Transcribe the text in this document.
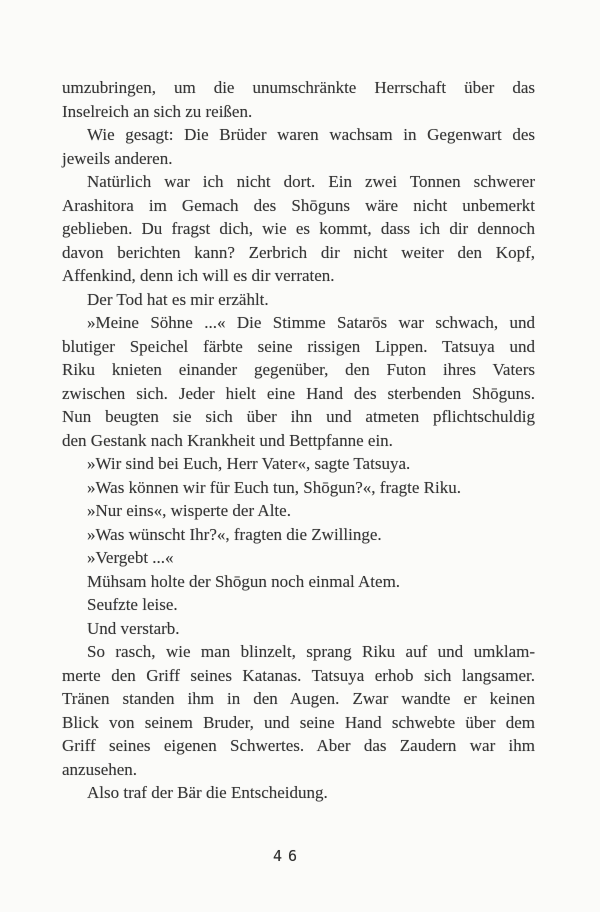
umzubringen, um die unumschränkte Herrschaft über das
Inselreich an sich zu reißen.

Wie gesagt: Die Brüder waren wachsam in Gegenwart des
jeweils anderen.

Natürlich war ich nicht dort. Ein zwei Tonnen schwerer
Arashitora im Gemach des Shōguns wäre nicht unbemerkt
geblieben. Du fragst dich, wie es kommt, dass ich dir dennoch
davon berichten kann? Zerbrich dir nicht weiter den Kopf,
Affenkind, denn ich will es dir verraten.

Der Tod hat es mir erzählt.

»Meine Söhne ...« Die Stimme Satarōs war schwach, und
blutiger Speichel färbte seine rissigen Lippen. Tatsuya und
Riku knieten einander gegenüber, den Futon ihres Vaters
zwischen sich. Jeder hielt eine Hand des sterbenden Shōguns.
Nun beugten sie sich über ihn und atmeten pflichtschuldig
den Gestank nach Krankheit und Bettpfanne ein.

»Wir sind bei Euch, Herr Vater«, sagte Tatsuya.

»Was können wir für Euch tun, Shōgun?«, fragte Riku.

»Nur eins«, wisperte der Alte.

»Was wünscht Ihr?«, fragten die Zwillinge.

»Vergebt ...«

Mühsam holte der Shōgun noch einmal Atem.

Seufzte leise.

Und verstarb.

So rasch, wie man blinzelt, sprang Riku auf und umklam-
merte den Griff seines Katanas. Tatsuya erhob sich langsamer.
Tränen standen ihm in den Augen. Zwar wandte er keinen
Blick von seinem Bruder, und seine Hand schwebte über dem
Griff seines eigenen Schwertes. Aber das Zaudern war ihm
anzusehen.

Also traf der Bär die Entscheidung.

46
